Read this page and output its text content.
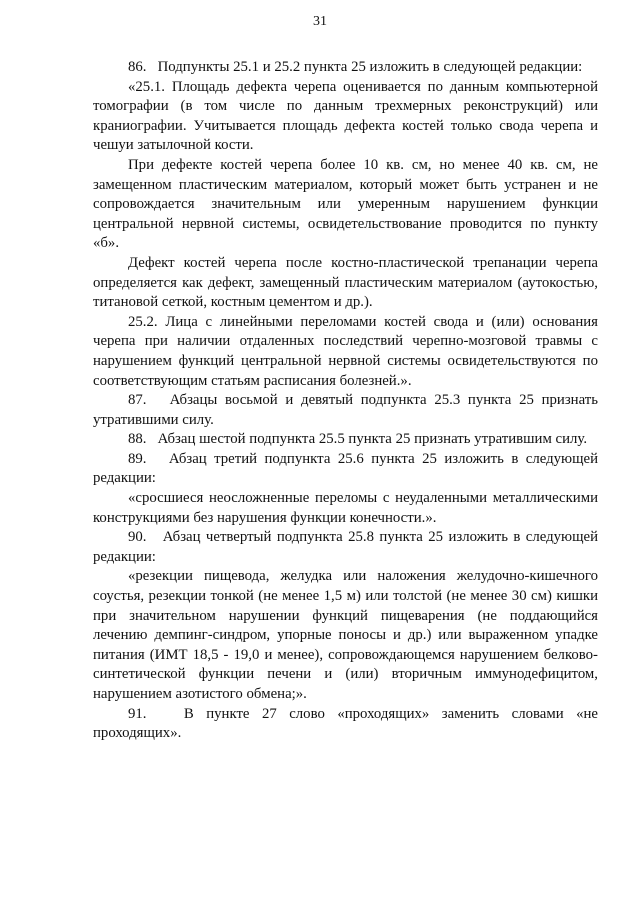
31

86.   Подпункты 25.1 и 25.2 пункта 25 изложить в следующей редакции:

«25.1. Площадь дефекта черепа оценивается по данным компьютерной томографии (в том числе по данным трехмерных реконструкций) или краниографии. Учитывается площадь дефекта костей только свода черепа и чешуи затылочной кости.

При дефекте костей черепа более 10 кв. см, но менее 40 кв. см, не замещенном пластическим материалом, который может быть устранен и не сопровождается значительным или умеренным нарушением функции центральной нервной системы, освидетельствование проводится по пункту «б».

Дефект костей черепа после костно-пластической трепанации черепа определяется как дефект, замещенный пластическим материалом (аутокостью, титановой сеткой, костным цементом и др.).

25.2. Лица с линейными переломами костей свода и (или) основания черепа при наличии отдаленных последствий черепно-мозговой травмы с нарушением функций центральной нервной системы освидетельствуются по соответствующим статьям расписания болезней.».

87.   Абзацы восьмой и девятый подпункта 25.3 пункта 25 признать утратившими силу.

88.   Абзац шестой подпункта 25.5 пункта 25 признать утратившим силу.

89.   Абзац третий подпункта 25.6 пункта 25 изложить в следующей редакции:

«сросшиеся неосложненные переломы с неудаленными металлическими конструкциями без нарушения функции конечности.».

90.   Абзац четвертый подпункта 25.8 пункта 25 изложить в следующей редакции:

«резекции пищевода, желудка или наложения желудочно-кишечного соустья, резекции тонкой (не менее 1,5 м) или толстой (не менее 30 см) кишки при значительном нарушении функций пищеварения (не поддающийся лечению демпинг-синдром, упорные поносы и др.) или выраженном упадке питания (ИМТ 18,5 - 19,0 и менее), сопровождающемся нарушением белково-синтетической функции печени и (или) вторичным иммунодефицитом, нарушением азотистого обмена;».

91.   В пункте 27 слово «проходящих» заменить словами «не проходящих».
